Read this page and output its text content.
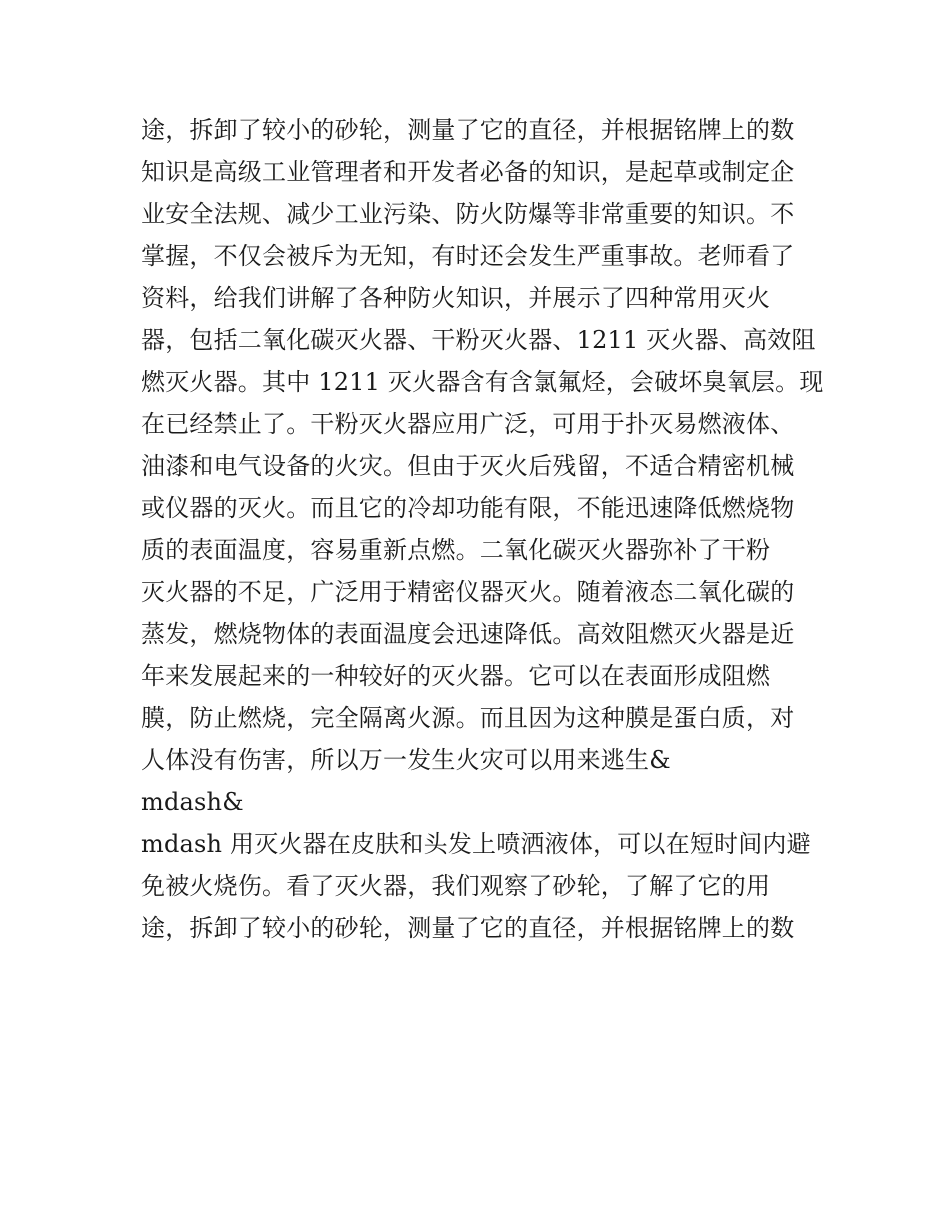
途，拆卸了较小的砂轮，测量了它的直径，并根据铭牌上的数
知识是高级工业管理者和开发者必备的知识，是起草或制定企
业安全法规、减少工业污染、防火防爆等非常重要的知识。不
掌握，不仅会被斥为无知，有时还会发生严重事故。老师看了
资料，给我们讲解了各种防火知识，并展示了四种常用灭火
器，包括二氧化碳灭火器、干粉灭火器、1211 灭火器、高效阻
燃灭火器。其中 1211 灭火器含有含氯氟烃，会破坏臭氧层。现
在已经禁止了。干粉灭火器应用广泛，可用于扑灭易燃液体、
油漆和电气设备的火灾。但由于灭火后残留，不适合精密机械
或仪器的灭火。而且它的冷却功能有限，不能迅速降低燃烧物
质的表面温度，容易重新点燃。二氧化碳灭火器弥补了干粉
灭火器的不足，广泛用于精密仪器灭火。随着液态二氧化碳的
蒸发，燃烧物体的表面温度会迅速降低。高效阻燃灭火器是近
年来发展起来的一种较好的灭火器。它可以在表面形成阻燃
膜，防止燃烧，完全隔离火源。而且因为这种膜是蛋白质，对
人体没有伤害，所以万一发生火灾可以用来逃生&
mdash&
mdash 用灭火器在皮肤和头发上喷洒液体，可以在短时间内避
免被火烧伤。看了灭火器，我们观察了砂轮，了解了它的用
途，拆卸了较小的砂轮，测量了它的直径，并根据铭牌上的数
